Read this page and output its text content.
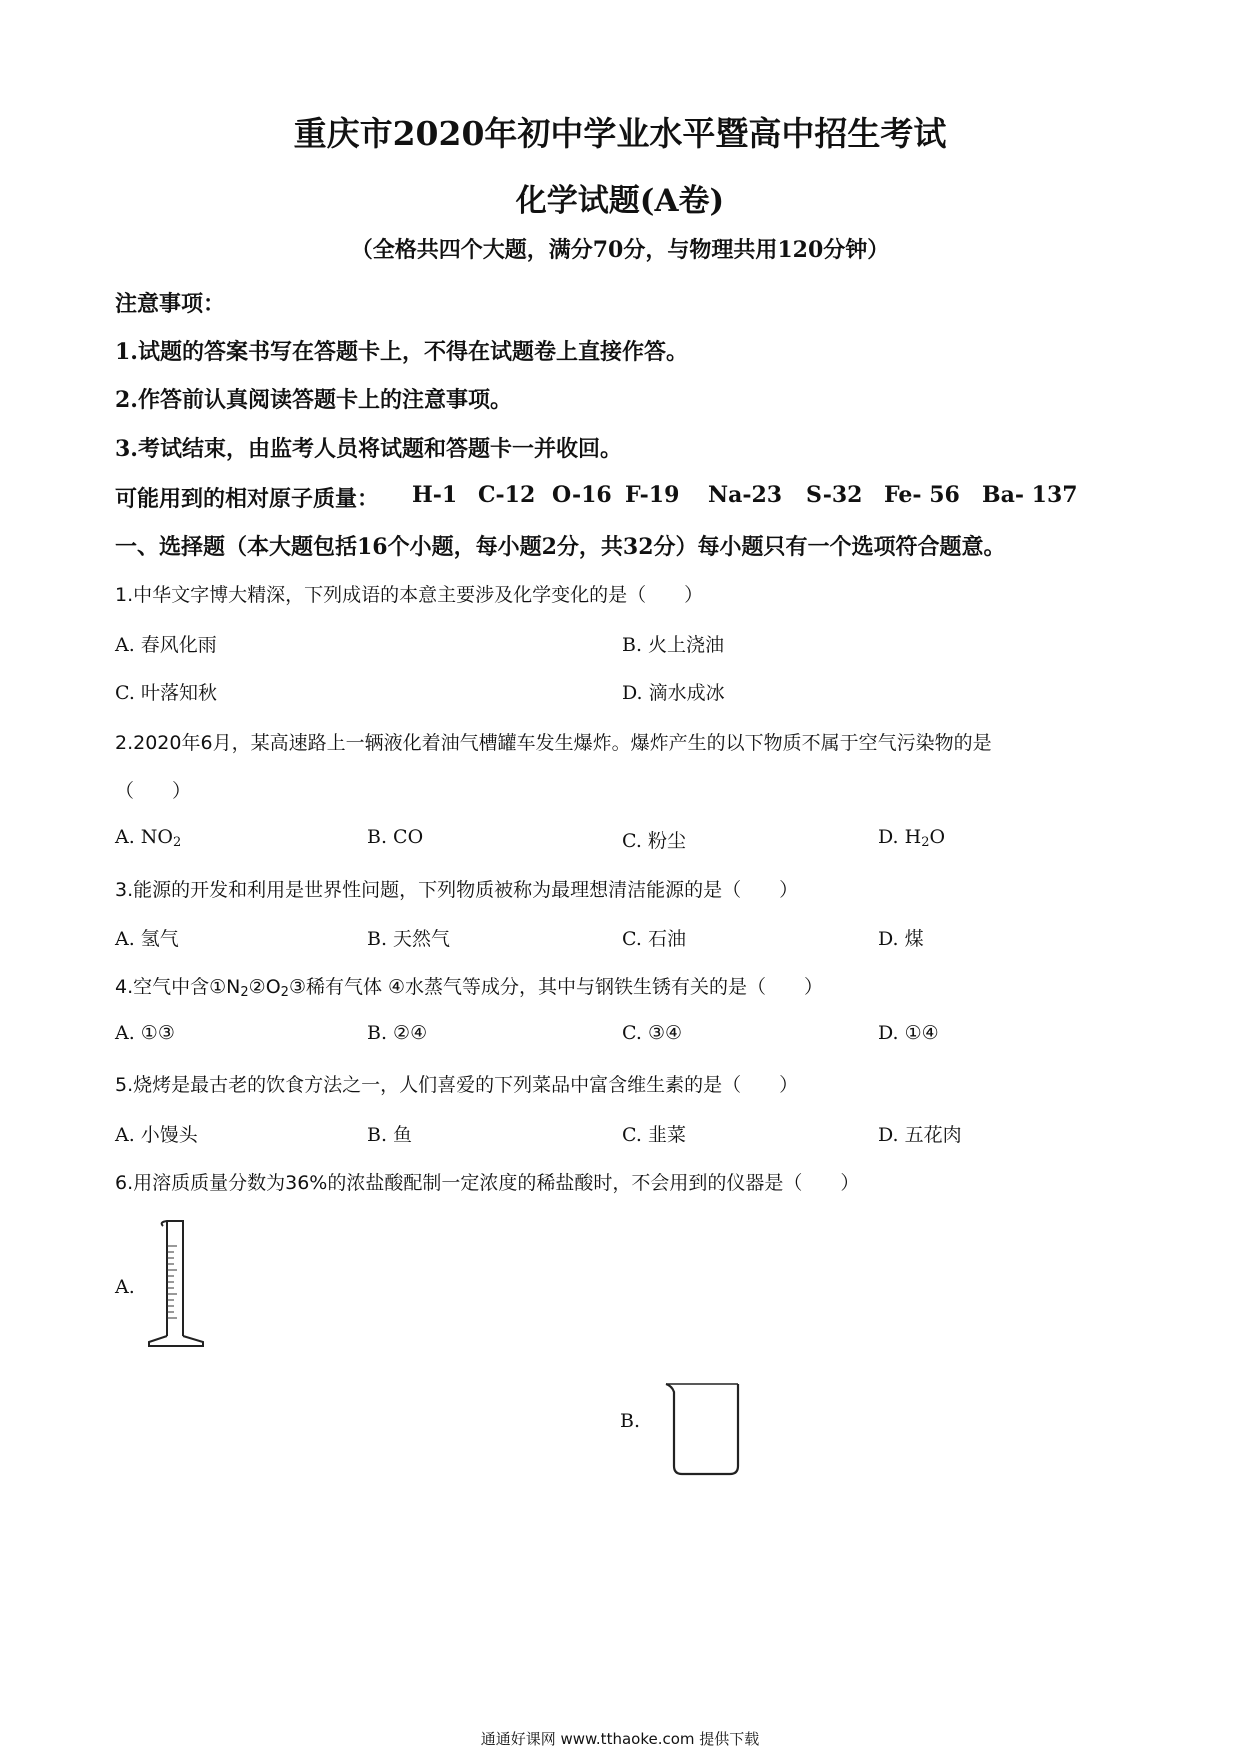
重庆市2020年初中学业水平暨高中招生考试
化学试题(A卷)
（全格共四个大题，满分70分，与物理共用120分钟）
注意事项：
1.试题的答案书写在答题卡上，不得在试题卷上直接作答。
2.作答前认真阅读答题卡上的注意事项。
3.考试结束，由监考人员将试题和答题卡一并收回。
可能用到的相对原子质量： H-1 C-12 O-16 F-19 Na-23 S-32 Fe- 56 Ba- 137
一、选择题（本大题包括16个小题，每小题2分，共32分）每小题只有一个选项符合题意。
1.中华文字博大精深，下列成语的本意主要涉及化学变化的是（　　）
A. 春风化雨	B. 火上浇油
C. 叶落知秋	D. 滴水成冰
2.2020年6月，某高速路上一辆液化着油气槽罐车发生爆炸。爆炸产生的以下物质不属于空气污染物的是
（　　）
A. $NO_2$	B. CO	C. 粉尘	D. $H_2O$
3.能源的开发和利用是世界性问题，下列物质被称为最理想清洁能源的是（　　）
A. 氢气	B. 天然气	C. 石油	D. 煤
4.空气中含$①N_2②O_2③$稀有气体 ④水蒸气等成分，其中与钢铁生锈有关的是（　　）
A. ①③	B. ②④	C. ③④	D. ①④
5.烧烤是最古老的饮食方法之一，人们喜爱的下列菜品中富含维生素的是（　　）
A. 小馒头	B. 鱼	C. 韭菜	D. 五花肉
6.用溶质质量分数为36%的浓盐酸配制一定浓度的稀盐酸时，不会用到的仪器是（　　）
A.
B.
通通好课网 www.tthaoke.com 提供下载
